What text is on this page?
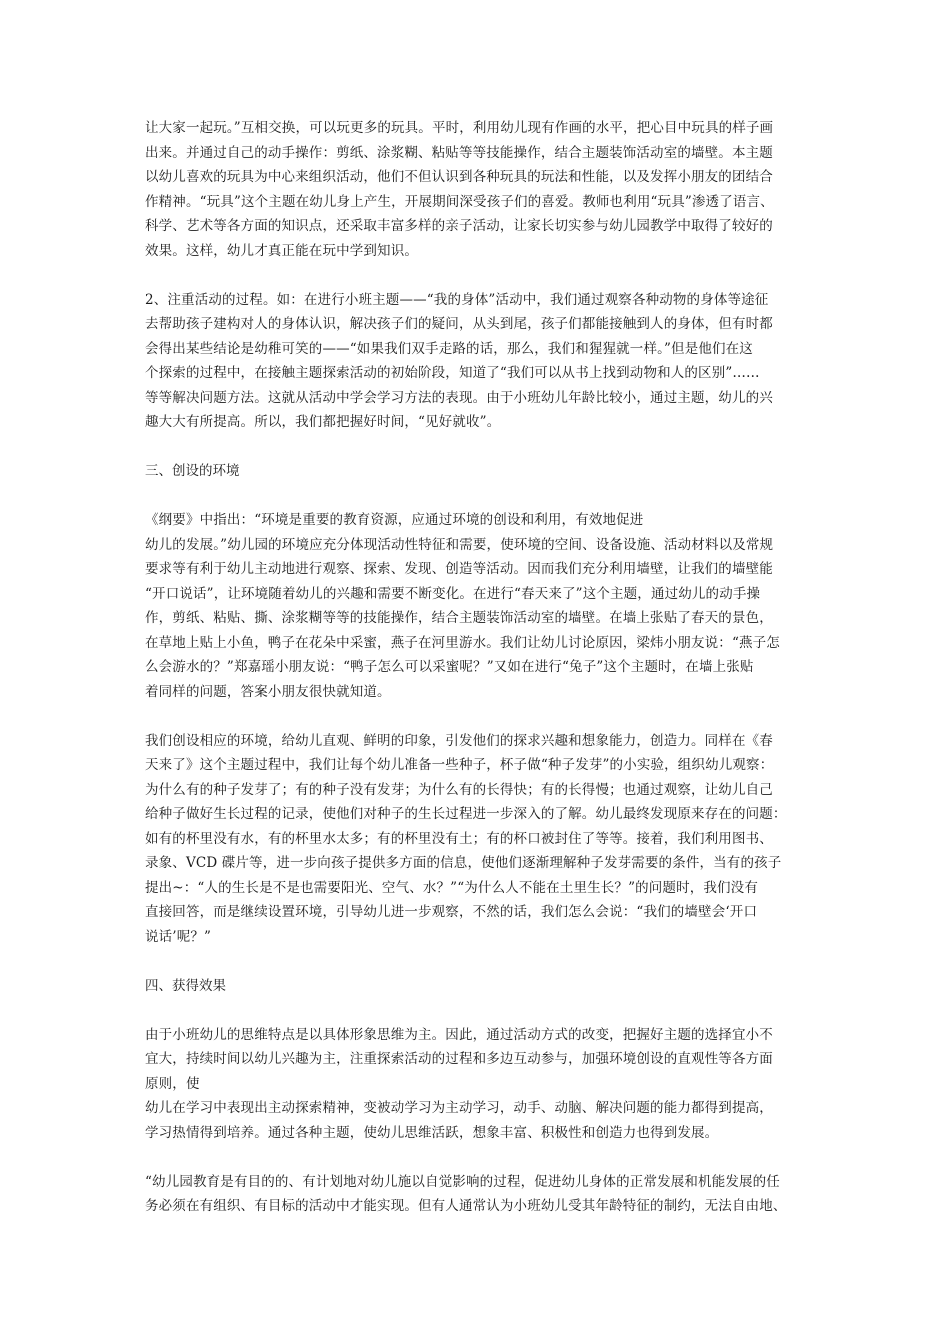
让大家一起玩。”互相交换，可以玩更多的玩具。平时，利用幼儿现有作画的水平，把心目中玩具的样子画
出来。并通过自己的动手操作：剪纸、涂浆糊、粘贴等等技能操作，结合主题装饰活动室的墙壁。本主题
以幼儿喜欢的玩具为中心来组织活动，他们不但认识到各种玩具的玩法和性能，以及发挥小朋友的团结合
作精神。“玩具”这个主题在幼儿身上产生，开展期间深受孩子们的喜爱。教师也利用“玩具”渗透了语言、
科学、艺术等各方面的知识点，还采取丰富多样的亲子活动，让家长切实参与幼儿园教学中取得了较好的
效果。这样，幼儿才真正能在玩中学到知识。
2、注重活动的过程。如：在进行小班主题——“我的身体”活动中，我们通过观察各种动物的身体等途征
去帮助孩子建构对人的身体认识，解决孩子们的疑问，从头到尾，孩子们都能接触到人的身体，但有时都
会得出某些结论是幼稚可笑的——“如果我们双手走路的话，那么，我们和猩猩就一样。”但是他们在这
个探索的过程中，在接触主题探索活动的初始阶段，知道了“我们可以从书上找到动物和人的区别”……
等等解决问题方法。这就从活动中学会学习方法的表现。由于小班幼儿年龄比较小，通过主题，幼儿的兴
趣大大有所提高。所以，我们都把握好时间，“见好就收”。
三、创设的环境
《纲要》中指出：“环境是重要的教育资源，应通过环境的创设和利用，有效地促进
幼儿的发展。”幼儿园的环境应充分体现活动性特征和需要，使环境的空间、设备设施、活动材料以及常规
要求等有利于幼儿主动地进行观察、探索、发现、创造等活动。因而我们充分利用墙壁，让我们的墙壁能
“开口说话”，让环境随着幼儿的兴趣和需要不断变化。在进行“春天来了”这个主题，通过幼儿的动手操
作，剪纸、粘贴、撕、涂浆糊等等的技能操作，结合主题装饰活动室的墙壁。在墙上张贴了春天的景色，
在草地上贴上小鱼，鸭子在花朵中采蜜，燕子在河里游水。我们让幼儿讨论原因，梁炜小朋友说：“燕子怎
么会游水的？”郑嘉瑶小朋友说：“鸭子怎么可以采蜜呢？”又如在进行“兔子”这个主题时，在墙上张贴
着同样的问题，答案小朋友很快就知道。
我们创设相应的环境，给幼儿直观、鲜明的印象，引发他们的探求兴趣和想象能力，创造力。同样在《春
天来了》这个主题过程中，我们让每个幼儿准备一些种子，杯子做“种子发芽”的小实验，组织幼儿观察：
为什么有的种子发芽了；有的种子没有发芽；为什么有的长得快；有的长得慢；也通过观察，让幼儿自己
给种子做好生长过程的记录，使他们对种子的生长过程进一步深入的了解。幼儿最终发现原来存在的问题：
如有的杯里没有水，有的杯里水太多；有的杯里没有土；有的杯口被封住了等等。接着，我们利用图书、
录象、VCD 碟片等，进一步向孩子提供多方面的信息，使他们逐渐理解种子发芽需要的条件，当有的孩子
提出~：“人的生长是不是也需要阳光、空气、水？”“为什么人不能在土里生长？”的问题时，我们没有
直接回答，而是继续设置环境，引导幼儿进一步观察，不然的话，我们怎么会说：“我们的墙壁会‘开口
说话’呢？”
四、获得效果
由于小班幼儿的思维特点是以具体形象思维为主。因此，通过活动方式的改变，把握好主题的选择宜小不
宜大，持续时间以幼儿兴趣为主，注重探索活动的过程和多边互动参与，加强环境创设的直观性等各方面
原则，使
幼儿在学习中表现出主动探索精神，变被动学习为主动学习，动手、动脑、解决问题的能力都得到提高，
学习热情得到培养。通过各种主题，使幼儿思维活跃，想象丰富、积极性和创造力也得到发展。
“幼儿园教育是有目的的、有计划地对幼儿施以自觉影响的过程，促进幼儿身体的正常发展和机能发展的任
务必须在有组织、有目标的活动中才能实现。但有人通常认为小班幼儿受其年龄特征的制约，无法自由地、
